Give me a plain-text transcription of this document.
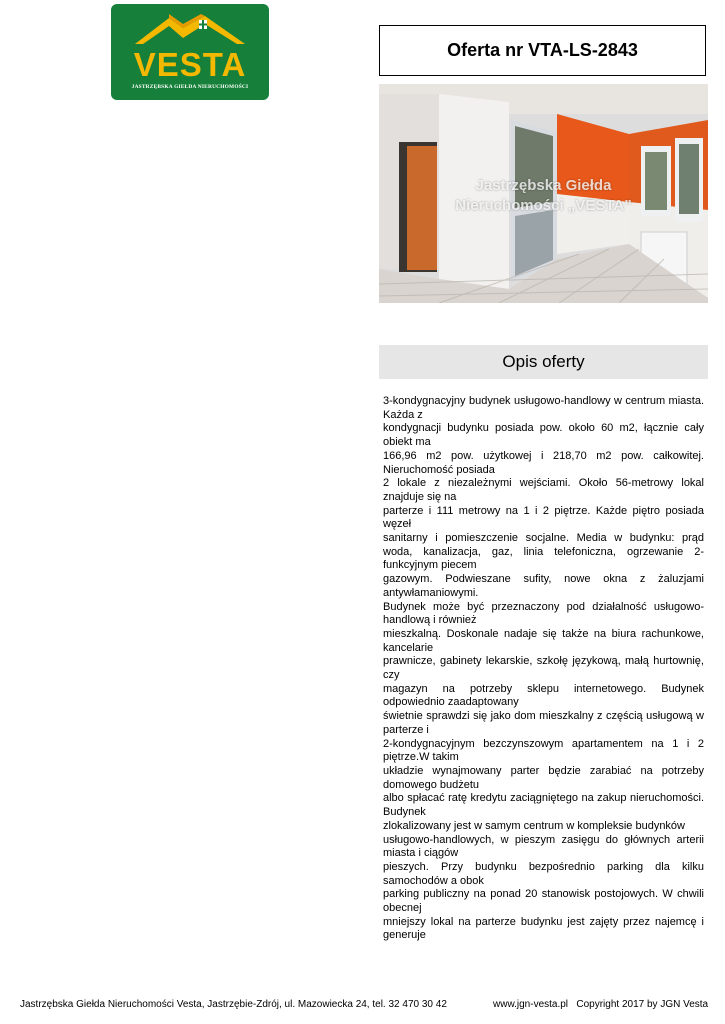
VESTA
JASTRZĘBSKA GIEŁDA NIERUCHOMOŚCI
Oferta nr VTA-LS-2843
Jastrzębska Giełda
Nieruchomości „VESTA”
Opis oferty

3-kondygnacyjny budynek usługowo-handlowy w centrum miasta. Każda z

kondygnacji budynku posiada pow. około 60 m2, łącznie cały obiekt ma

166,96 m2 pow. użytkowej i 218,70 m2 pow. całkowitej. Nieruchomość posiada

2 lokale z niezależnymi wejściami. Około 56-metrowy lokal znajduje się na

parterze i 111 metrowy na 1 i 2 piętrze. Każde piętro posiada węzeł

sanitarny i pomieszczenie socjalne. Media w budynku: prąd woda, kanalizacja, gaz, linia telefoniczna, ogrzewanie 2-funkcyjnym piecem

gazowym. Podwieszane sufity, nowe okna z żaluzjami antywłamaniowymi.

Budynek może być przeznaczony pod działalność usługowo-handlową i również

mieszkalną. Doskonale nadaje się także na biura rachunkowe, kancelarie

prawnicze, gabinety lekarskie, szkołę językową, małą hurtownię, czy

magazyn na potrzeby sklepu internetowego. Budynek odpowiednio zaadaptowany

świetnie sprawdzi się jako dom mieszkalny z częścią usługową w parterze i

2-kondygnacyjnym bezczynszowym apartamentem na 1 i 2 piętrze.W takim

układzie wynajmowany parter będzie zarabiać na potrzeby domowego budżetu

albo spłacać ratę kredytu zaciągniętego na zakup nieruchomości. Budynek

zlokalizowany jest w samym centrum w kompleksie budynków

usługowo-handlowych, w pieszym zasięgu do głównych arterii miasta i ciągów

pieszych. Przy budynku bezpośrednio parking dla kilku samochodów a obok

parking publiczny na ponad 20 stanowisk postojowych. W chwili obecnej

mniejszy lokal na parterze budynku jest zajęty przez najemcę i generuje

Jastrzębska Giełda Nieruchomości Vesta, Jastrzębie-Zdrój, ul. Mazowiecka 24, tel. 32 470 30 42	www.jgn-vesta.pl Copyright 2017 by JGN Vesta
